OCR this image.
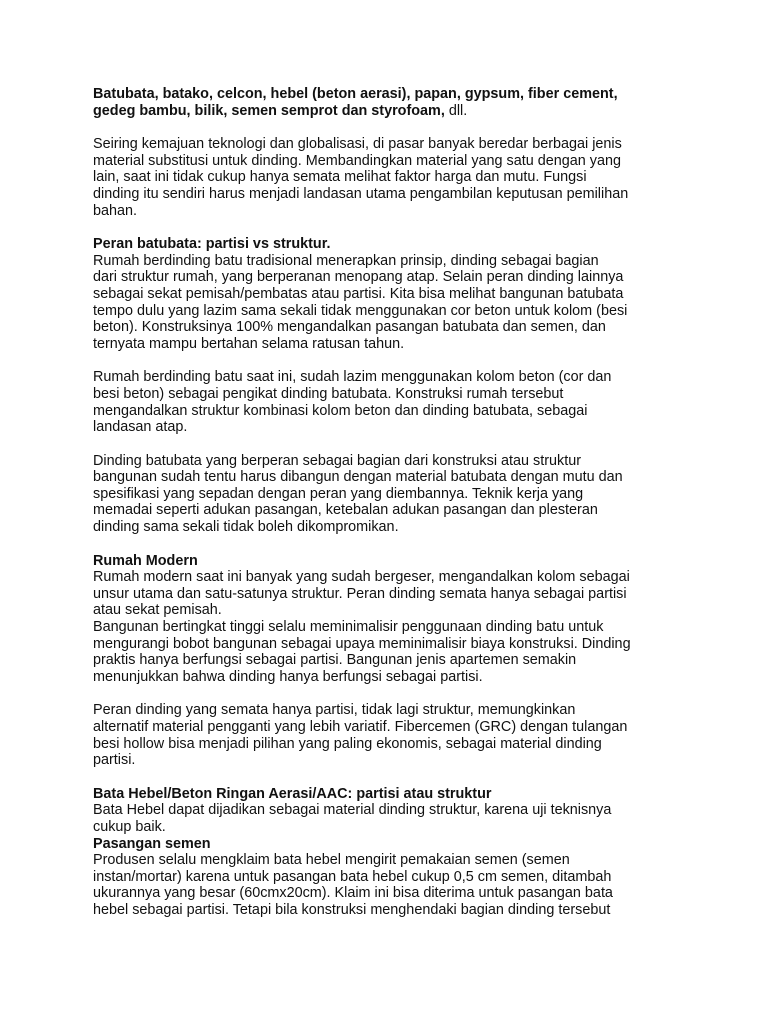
Batubata, batako, celcon, hebel (beton aerasi), papan, gypsum, fiber cement,
gedeg bambu, bilik, semen semprot dan styrofoam, dll.
Seiring kemajuan teknologi dan globalisasi, di pasar banyak beredar berbagai jenis
material substitusi untuk dinding. Membandingkan material yang satu dengan yang
lain, saat ini tidak cukup hanya semata melihat faktor harga dan mutu. Fungsi
dinding itu sendiri harus menjadi landasan utama pengambilan keputusan pemilihan
bahan.
Peran batubata: partisi vs struktur.
Rumah berdinding batu tradisional menerapkan prinsip, dinding sebagai bagian
dari struktur rumah, yang berperanan menopang atap. Selain peran dinding lainnya
sebagai sekat pemisah/pembatas atau partisi. Kita bisa melihat bangunan batubata
tempo dulu yang lazim sama sekali tidak menggunakan cor beton untuk kolom (besi
beton). Konstruksinya 100% mengandalkan pasangan batubata dan semen, dan
ternyata mampu bertahan selama ratusan tahun.
Rumah berdinding batu saat ini, sudah lazim menggunakan kolom beton (cor dan
besi beton) sebagai pengikat dinding batubata. Konstruksi rumah tersebut
mengandalkan struktur kombinasi kolom beton dan dinding batubata, sebagai
landasan atap.
Dinding batubata yang berperan sebagai bagian dari konstruksi atau struktur
bangunan sudah tentu harus dibangun dengan material batubata dengan mutu dan
spesifikasi yang sepadan dengan peran yang diembannya. Teknik kerja yang
memadai seperti adukan pasangan, ketebalan adukan pasangan dan plesteran
dinding sama sekali tidak boleh dikompromikan.
Rumah Modern
Rumah modern saat ini banyak yang sudah bergeser, mengandalkan kolom sebagai
unsur utama dan satu-satunya struktur. Peran dinding semata hanya sebagai partisi
atau sekat pemisah.
Bangunan bertingkat tinggi selalu meminimalisir penggunaan dinding batu untuk
mengurangi bobot bangunan sebagai upaya meminimalisir biaya konstruksi. Dinding
praktis hanya berfungsi sebagai partisi. Bangunan jenis apartemen semakin
menunjukkan bahwa dinding hanya berfungsi sebagai partisi.
Peran dinding yang semata hanya partisi, tidak lagi struktur, memungkinkan
alternatif material pengganti yang lebih variatif. Fibercemen (GRC) dengan tulangan
besi hollow bisa menjadi pilihan yang paling ekonomis, sebagai material dinding
partisi.
Bata Hebel/Beton Ringan Aerasi/AAC: partisi atau struktur
Bata Hebel dapat dijadikan sebagai material dinding struktur, karena uji teknisnya
cukup baik.
Pasangan semen
Produsen selalu mengklaim bata hebel mengirit pemakaian semen (semen
instan/mortar) karena untuk pasangan bata hebel cukup 0,5 cm semen, ditambah
ukurannya yang besar (60cmx20cm). Klaim ini bisa diterima untuk pasangan bata
hebel sebagai partisi. Tetapi bila konstruksi menghendaki bagian dinding tersebut
